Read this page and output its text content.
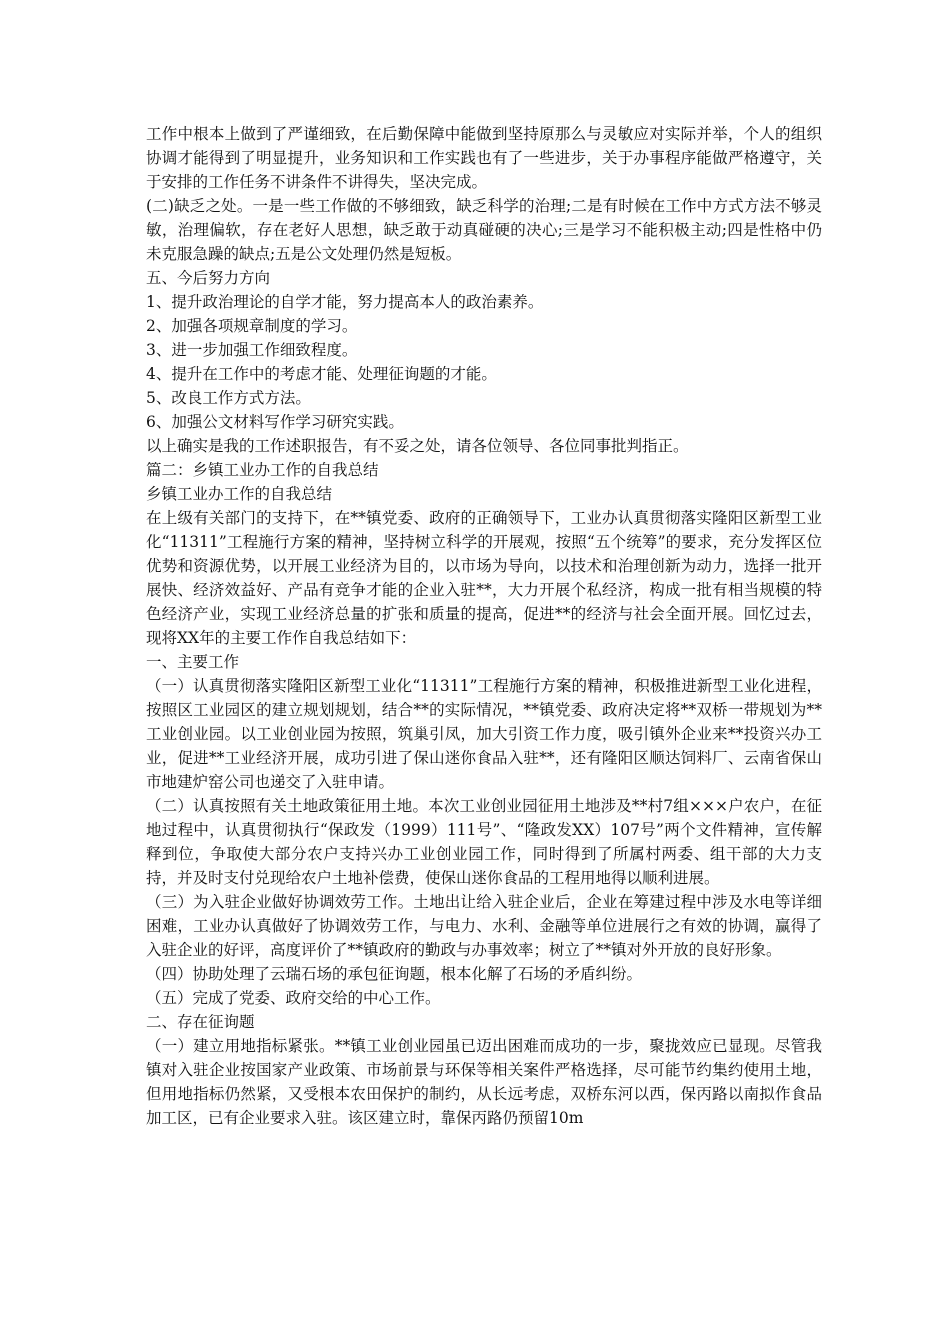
工作中根本上做到了严谨细致，在后勤保障中能做到坚持原那么与灵敏应对实际并举，个人的组织协调才能得到了明显提升，业务知识和工作实践也有了一些进步，关于办事程序能做严格遵守，关于安排的工作任务不讲条件不讲得失，坚决完成。

(二)缺乏之处。一是一些工作做的不够细致，缺乏科学的治理;二是有时候在工作中方式方法不够灵敏，治理偏软，存在老好人思想，缺乏敢于动真碰硬的决心;三是学习不能积极主动;四是性格中仍未克服急躁的缺点;五是公文处理仍然是短板。

五、今后努力方向

1、提升政治理论的自学才能，努力提高本人的政治素养。

2、加强各项规章制度的学习。

3、进一步加强工作细致程度。

4、提升在工作中的考虑才能、处理征询题的才能。

5、改良工作方式方法。

6、加强公文材料写作学习研究实践。

以上确实是我的工作述职报告，有不妥之处，请各位领导、各位同事批判指正。

篇二：乡镇工业办工作的自我总结

乡镇工业办工作的自我总结

在上级有关部门的支持下，在**镇党委、政府的正确领导下，工业办认真贯彻落实隆阳区新型工业化“11311”工程施行方案的精神，坚持树立科学的开展观，按照“五个统筹”的要求，充分发挥区位优势和资源优势，以开展工业经济为目的，以市场为导向，以技术和治理创新为动力，选择一批开展快、经济效益好、产品有竞争才能的企业入驻**，大力开展个私经济，构成一批有相当规模的特色经济产业，实现工业经济总量的扩张和质量的提高，促进**的经济与社会全面开展。回忆过去，现将XX年的主要工作作自我总结如下：

一、主要工作

（一）认真贯彻落实隆阳区新型工业化“11311”工程施行方案的精神，积极推进新型工业化进程，按照区工业园区的建立规划规划，结合**的实际情况，**镇党委、政府决定将**双桥一带规划为**工业创业园。以工业创业园为按照，筑巢引凤，加大引资工作力度，吸引镇外企业来**投资兴办工业，促进**工业经济开展，成功引进了保山迷你食品入驻**，还有隆阳区顺达饲料厂、云南省保山市地建炉窑公司也递交了入驻申请。

（二）认真按照有关土地政策征用土地。本次工业创业园征用土地涉及**村7组×××户农户，在征地过程中，认真贯彻执行“保政发（1999）111号”、“隆政发XX）107号”两个文件精神，宣传解释到位，争取使大部分农户支持兴办工业创业园工作，同时得到了所属村两委、组干部的大力支持，并及时支付兑现给农户土地补偿费，使保山迷你食品的工程用地得以顺利进展。

（三）为入驻企业做好协调效劳工作。土地出让给入驻企业后，企业在筹建过程中涉及水电等详细困难，工业办认真做好了协调效劳工作，与电力、水利、金融等单位进展行之有效的协调，赢得了入驻企业的好评，高度评价了**镇政府的勤政与办事效率；树立了**镇对外开放的良好形象。

（四）协助处理了云瑞石场的承包征询题，根本化解了石场的矛盾纠纷。

（五）完成了党委、政府交给的中心工作。

二、存在征询题

（一）建立用地指标紧张。**镇工业创业园虽已迈出困难而成功的一步，聚拢效应已显现。尽管我镇对入驻企业按国家产业政策、市场前景与环保等相关案件严格选择，尽可能节约集约使用土地，但用地指标仍然紧，又受根本农田保护的制约，从长远考虑，双桥东河以西，保丙路以南拟作食品加工区，已有企业要求入驻。该区建立时，靠保丙路仍预留10m
